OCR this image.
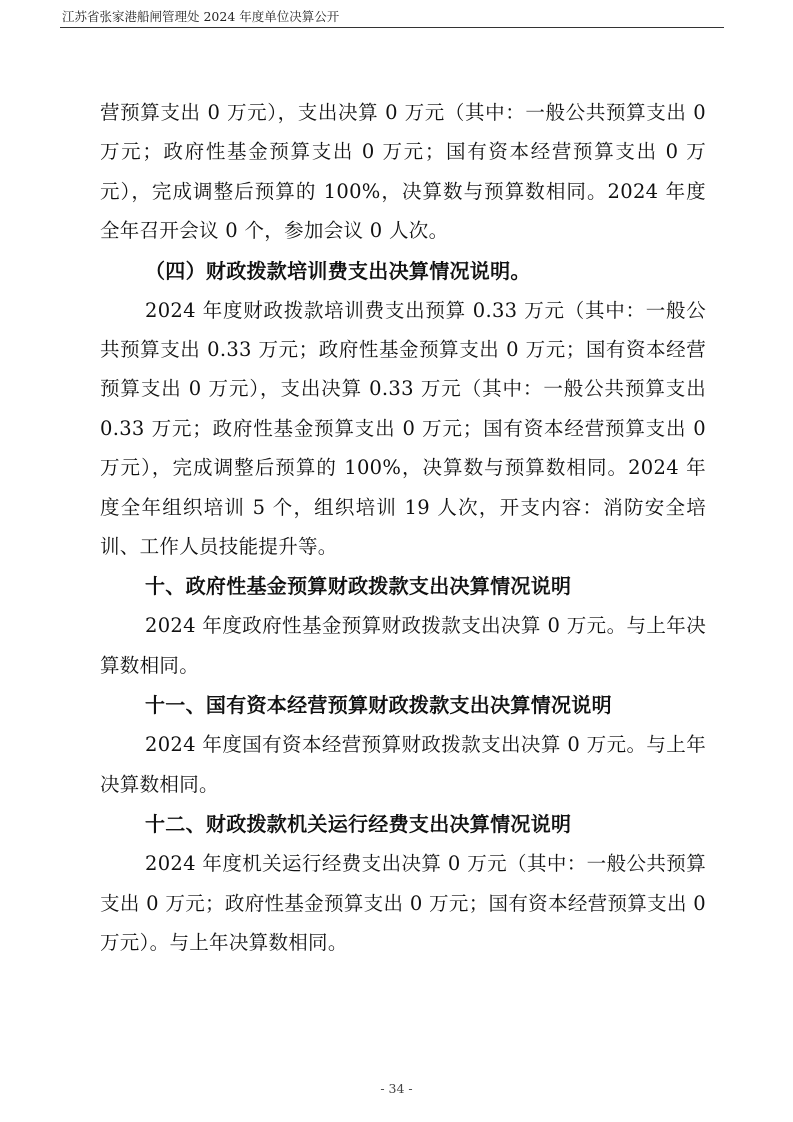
江苏省张家港船闸管理处 2024 年度单位决算公开

营预算支出 0 万元），支出决算 0 万元（其中：一般公共预算支出 0 万元；政府性基金预算支出 0 万元；国有资本经营预算支出 0 万元），完成调整后预算的 100%，决算数与预算数相同。2024 年度全年召开会议 0 个，参加会议 0 人次。

（四）财政拨款培训费支出决算情况说明。

2024 年度财政拨款培训费支出预算 0.33 万元（其中：一般公共预算支出 0.33 万元；政府性基金预算支出 0 万元；国有资本经营预算支出 0 万元），支出决算 0.33 万元（其中：一般公共预算支出 0.33 万元；政府性基金预算支出 0 万元；国有资本经营预算支出 0 万元），完成调整后预算的 100%，决算数与预算数相同。2024 年度全年组织培训 5 个，组织培训 19 人次，开支内容：消防安全培训、工作人员技能提升等。

十、政府性基金预算财政拨款支出决算情况说明

2024 年度政府性基金预算财政拨款支出决算 0 万元。与上年决算数相同。

十一、国有资本经营预算财政拨款支出决算情况说明

2024 年度国有资本经营预算财政拨款支出决算 0 万元。与上年决算数相同。

十二、财政拨款机关运行经费支出决算情况说明

2024 年度机关运行经费支出决算 0 万元（其中：一般公共预算支出 0 万元；政府性基金预算支出 0 万元；国有资本经营预算支出 0 万元）。与上年决算数相同。

- 34 -
